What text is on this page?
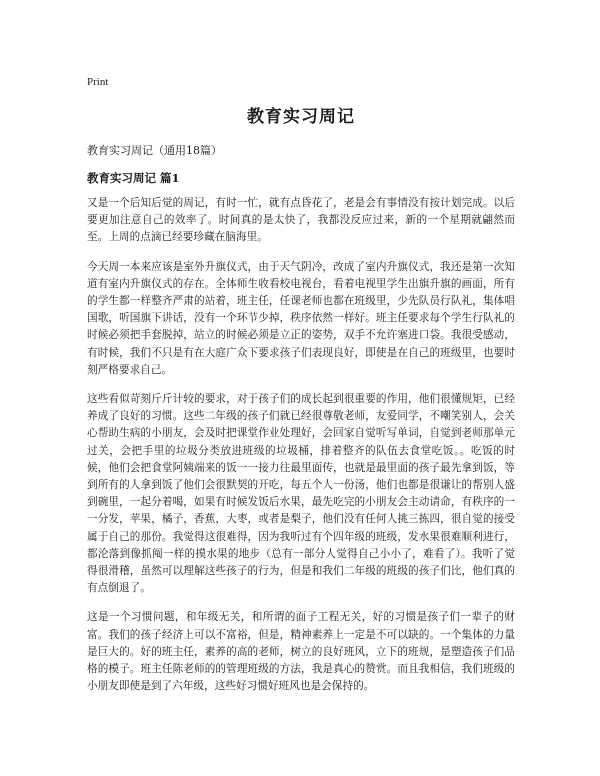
Print
教育实习周记

教育实习周记（通用18篇）

教育实习周记 篇1

又是一个后知后觉的周记，有时一忙，就有点昏花了，老是会有事情没有按计划完成。以后要更加注意自己的效率了。时间真的是太快了，我都没反应过来，新的一个星期就翩然而至。上周的点滴已经要珍藏在脑海里。

今天周一本来应该是室外升旗仪式，由于天气阴冷，改成了室内升旗仪式，我还是第一次知道有室内升旗仪式的存在。全体师生收看校电视台，看着电视里学生出旗升旗的画面，所有的学生都一样整齐严肃的站着，班主任，任课老师也都在班级里，少先队员行队礼，集体唱国歌，听国旗下讲话，没有一个环节少掉，秩序依然一样好。班主任要求每个学生行队礼的时候必须把手套脱掉，站立的时候必须是立正的姿势，双手不允许塞进口袋。我很受感动，有时候，我们不只是有在大庭广众下要求孩子们表现良好，即使是在自己的班级里，也要时刻严格要求自己。

这些看似苛刻斤斤计较的要求，对于孩子们的成长起到很重要的作用，他们很懂规矩，已经养成了良好的习惯。这些二年级的孩子们就已经很尊敬老师，友爱同学，不嘲笑别人，会关心帮助生病的小朋友，会及时把课堂作业处理好，会回家自觉听写单词，自觉到老师那单元过关，会把手里的垃圾分类放进班级的垃圾桶，排着整齐的队伍去食堂吃饭。。吃饭的时候，他们会把食堂阿姨端来的饭一一接力往最里面传，也就是最里面的孩子最先拿到饭，等到所有的人拿到饭了他们会很默契的开吃，每五个人一份汤，他们也都是很谦让的帮别人盛到碗里，一起分着喝，如果有时候发饭后水果，最先吃完的小朋友会主动请命，有秩序的一一分发，苹果，橘子，香蕉，大枣，或者是梨子，他们没有任何人挑三拣四，很自觉的接受属于自己的那份。我觉得这很难得，因为我听过有个四年级的班级，发水果很难顺利进行，都沦落到像抓阄一样的摸水果的地步（总有一部分人觉得自己小小了，难看了）。我听了觉得很滑稽，虽然可以理解这些孩子的行为，但是和我们二年级的班级的孩子们比，他们真的有点倒退了。

这是一个习惯问题，和年级无关，和所谓的面子工程无关，好的习惯是孩子们一辈子的财富。我们的孩子经济上可以不富裕，但是，精神素养上一定是不可以缺的。一个集体的力量是巨大的。好的班主任，素养的高的老师，树立的良好班风，立下的班规，是塑造孩子们品格的模子。班主任陈老师的的管理班级的方法，我是真心的赞赏。而且我相信，我们班级的小朋友即使是到了六年级，这些好习惯好班风也是会保持的。
